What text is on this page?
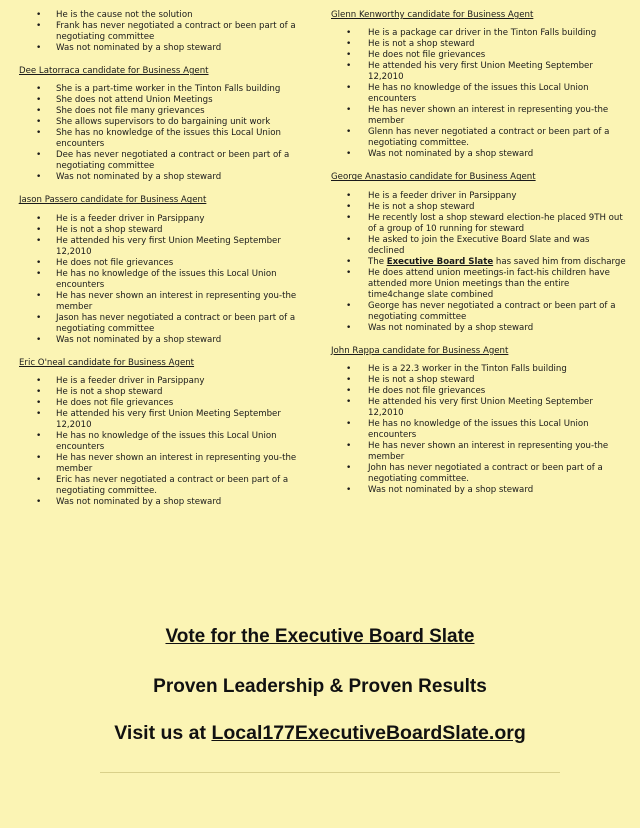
• He is the cause not the solution
• Frank has never negotiated a contract or been part of a negotiating committee
• Was not nominated by a shop steward
Dee Latorraca candidate for Business Agent
• She is a part-time worker in the Tinton Falls building
• She does not attend Union Meetings
• She does not file many grievances
• She allows supervisors to do bargaining unit work
• She has no knowledge of the issues this Local Union encounters
• Dee has never negotiated a contract or been part of a negotiating committee
• Was not nominated by a shop steward
Jason Passero candidate for Business Agent
• He is a feeder driver in Parsippany
• He is not a shop steward
• He attended his very first Union Meeting September 12,2010
• He does not file grievances
• He has no knowledge of the issues this Local Union encounters
• He has never shown an interest in representing you-the member
• Jason has never negotiated a contract or been part of a negotiating committee
• Was not nominated by a shop steward
Eric O'neal candidate for Business Agent
• He is a feeder driver in Parsippany
• He is not a shop steward
• He does not file grievances
• He attended his very first Union Meeting September 12,2010
• He has no knowledge of the issues this Local Union encounters
• He has never shown an interest in representing you-the member
• Eric has never negotiated a contract or been part of a negotiating committee.
• Was not nominated by a shop steward
Glenn Kenworthy candidate for Business Agent
• He is a package car driver in the Tinton Falls building
• He is not a shop steward
• He does not file grievances
• He attended his very first Union Meeting September 12,2010
• He has no knowledge of the issues this Local Union encounters
• He has never shown an interest in representing you-the member
• Glenn has never negotiated a contract or been part of a negotiating committee.
• Was not nominated by a shop steward
George Anastasio candidate for Business Agent
• He is a feeder driver in Parsippany
• He is not a shop steward
• He recently lost a shop steward election-he placed 9TH out of a group of 10 running for steward
• He asked to join the Executive Board Slate and was declined
• The Executive Board Slate has saved him from discharge
• He does attend union meetings-in fact-his children have attended more Union meetings than the entire time4change slate combined
• George has never negotiated a contract or been part of a negotiating committee
• Was not nominated by a shop steward
John Rappa candidate for Business Agent
• He is a 22.3 worker in the Tinton Falls building
• He is not a shop steward
• He does not file grievances
• He attended his very first Union Meeting September 12,2010
• He has no knowledge of the issues this Local Union encounters
• He has never shown an interest in representing you-the member
• John has never negotiated a contract or been part of a negotiating committee.
• Was not nominated by a shop steward
Vote for the Executive Board Slate
Proven Leadership & Proven Results
Visit us at Local177ExecutiveBoardSlate.org
